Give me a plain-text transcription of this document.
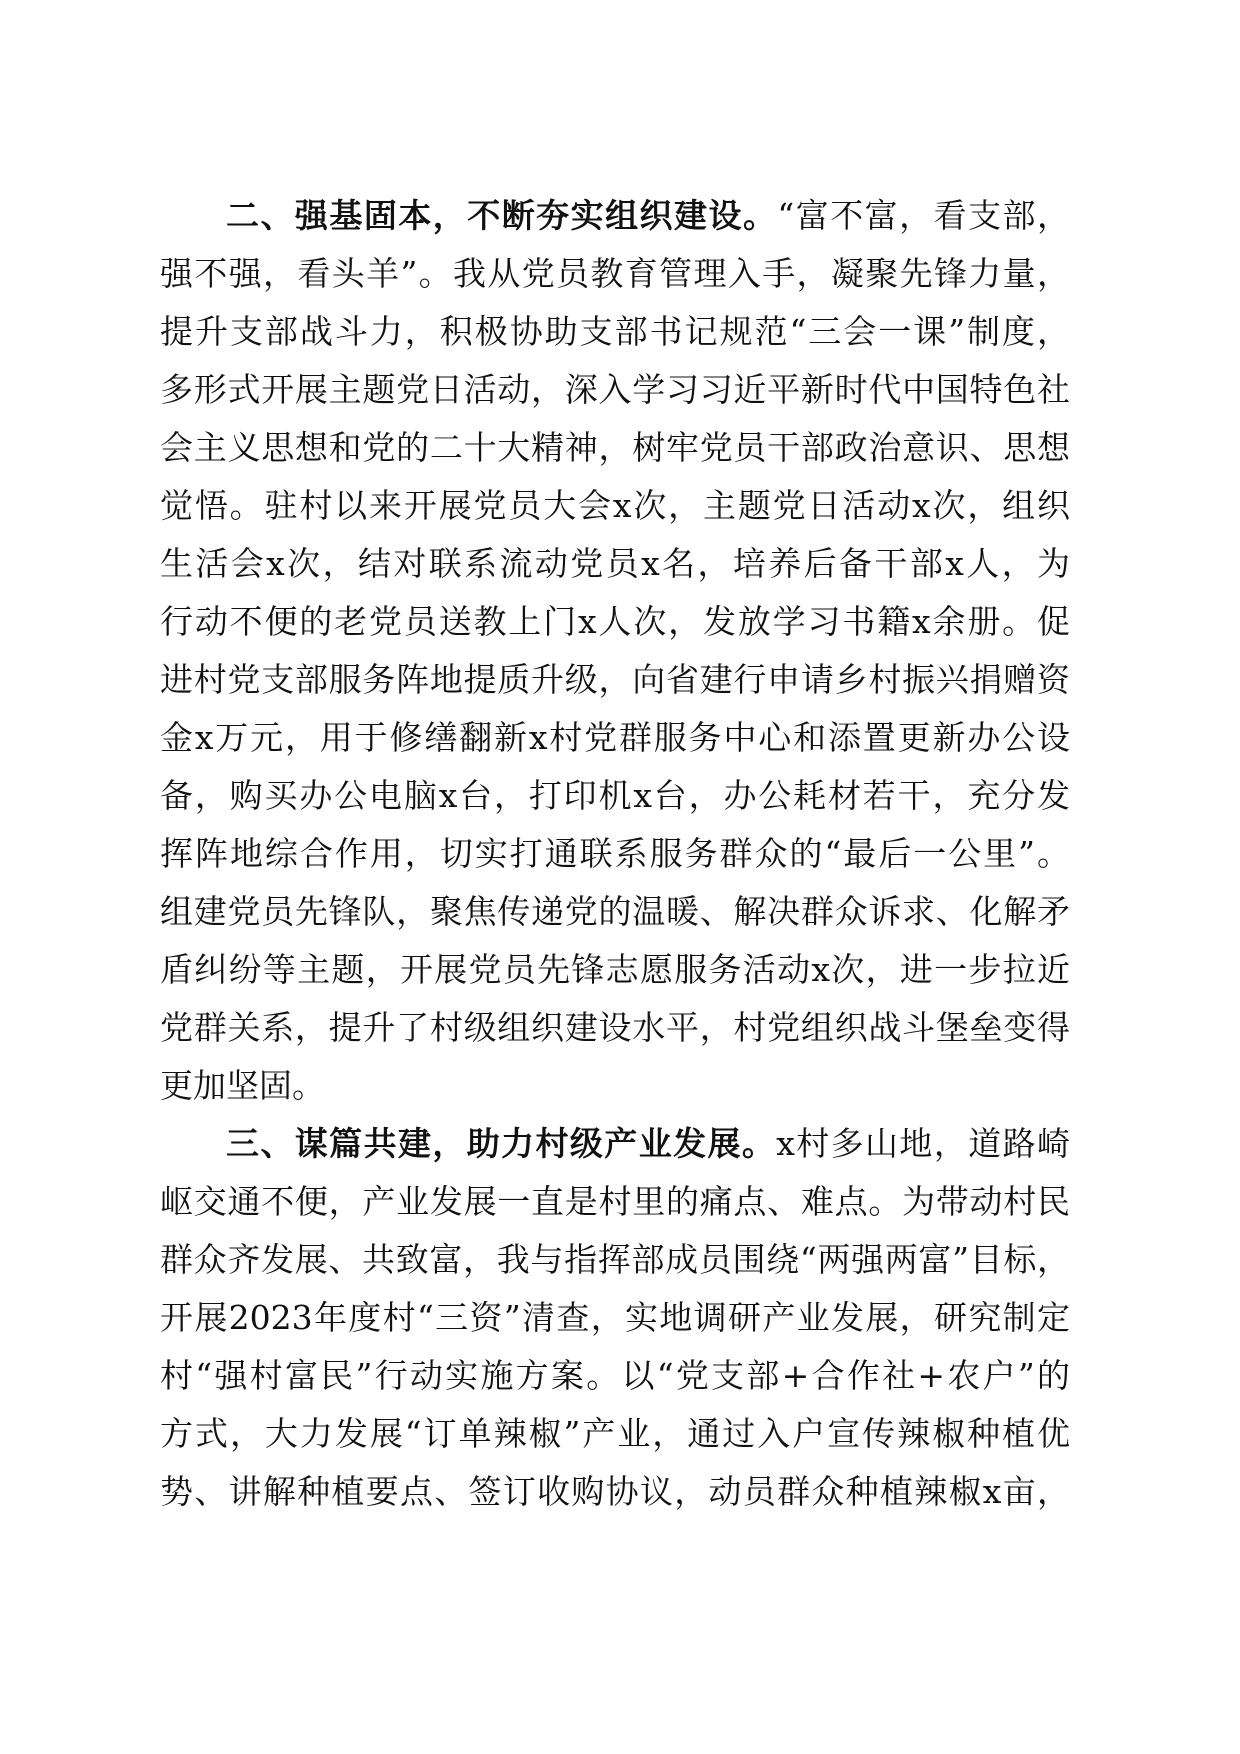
二、强基固本，不断夯实组织建设。“富不富，看支部，
强不强，看头羊”。我从党员教育管理入手，凝聚先锋力量，
提升支部战斗力，积极协助支部书记规范“三会一课”制度，
多形式开展主题党日活动，深入学习习近平新时代中国特色社
会主义思想和党的二十大精神，树牢党员干部政治意识、思想
觉悟。驻村以来开展党员大会x次，主题党日活动x次，组织
生活会x次，结对联系流动党员x名，培养后备干部x人，为
行动不便的老党员送教上门x人次，发放学习书籍x余册。促
进村党支部服务阵地提质升级，向省建行申请乡村振兴捐赠资
金x万元，用于修缮翻新x村党群服务中心和添置更新办公设
备，购买办公电脑x台，打印机x台，办公耗材若干，充分发
挥阵地综合作用，切实打通联系服务群众的“最后一公里”。
组建党员先锋队，聚焦传递党的温暖、解决群众诉求、化解矛
盾纠纷等主题，开展党员先锋志愿服务活动x次，进一步拉近
党群关系，提升了村级组织建设水平，村党组织战斗堡垒变得
更加坚固。
三、谋篇共建，助力村级产业发展。x村多山地，道路崎
岖交通不便，产业发展一直是村里的痛点、难点。为带动村民
群众齐发展、共致富，我与指挥部成员围绕“两强两富”目标，
开展2023年度村“三资”清查，实地调研产业发展，研究制定
村“强村富民”行动实施方案。以“党支部+合作社+农户”的
方式，大力发展“订单辣椒”产业，通过入户宣传辣椒种植优
势、讲解种植要点、签订收购协议，动员群众种植辣椒x亩，
